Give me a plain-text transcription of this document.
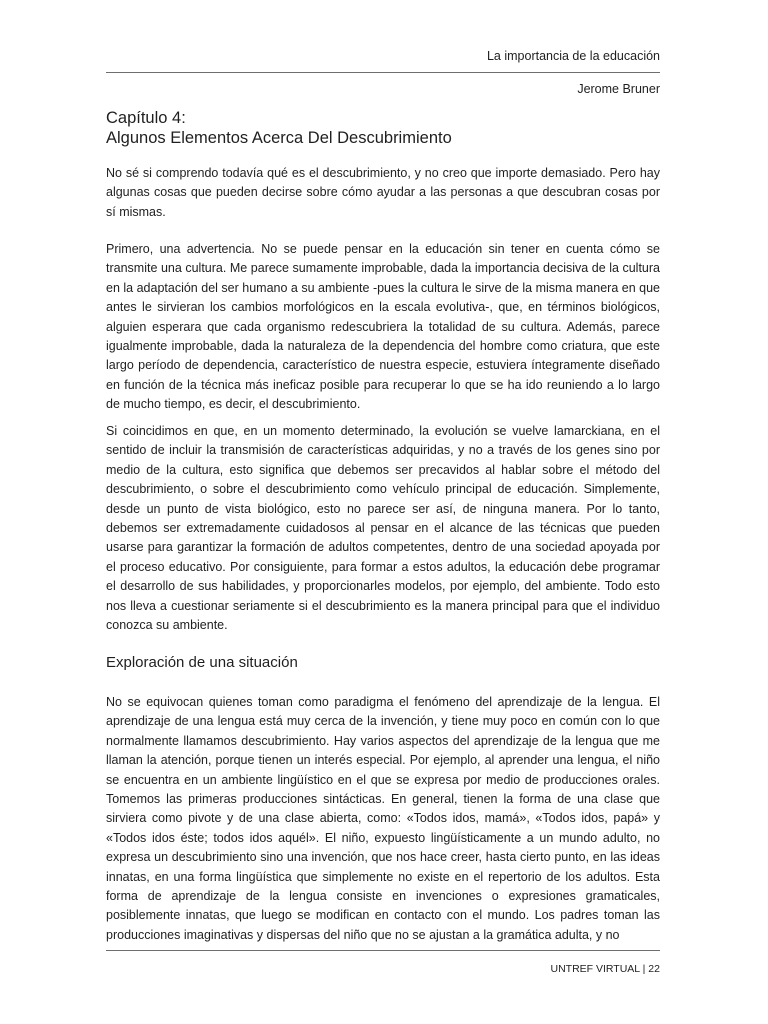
La importancia de la educación

Jerome Bruner
Capítulo 4:
Algunos Elementos Acerca Del Descubrimiento

No sé si comprendo todavía qué es el descubrimiento, y no creo que importe demasiado. Pero hay algunas cosas que pueden decirse sobre cómo ayudar a las personas a que descubran cosas por sí mismas.

Primero, una advertencia. No se puede pensar en la educación sin tener en cuenta cómo se transmite una cultura. Me parece sumamente improbable, dada la importancia decisiva de la cultura en la adaptación del ser humano a su ambiente -pues la cultura le sirve de la misma manera en que antes le sirvieran los cambios morfológicos en la escala evolutiva-, que, en términos biológicos, alguien esperara que cada organismo redescubriera la totalidad de su cultura. Además, parece igualmente improbable, dada la naturaleza de la dependencia del hombre como criatura, que este largo período de dependencia, característico de nuestra especie, estuviera íntegramente diseñado en función de la técnica más ineficaz posible para recuperar lo que se ha ido reuniendo a lo largo de mucho tiempo, es decir, el descubrimiento.

Si coincidimos en que, en un momento determinado, la evolución se vuelve lamarckiana, en el sentido de incluir la transmisión de características adquiridas, y no a través de los genes sino por medio de la cultura, esto significa que debemos ser precavidos al hablar sobre el método del descubrimiento, o sobre el descubrimiento como vehículo principal de educación. Simplemente, desde un punto de vista biológico, esto no parece ser así, de ninguna manera. Por lo tanto, debemos ser extremadamente cuidadosos al pensar en el alcance de las técnicas que pueden usarse para garantizar la formación de adultos competentes, dentro de una sociedad apoyada por el proceso educativo. Por consiguiente, para formar a estos adultos, la educación debe programar el desarrollo de sus habilidades, y proporcionarles modelos, por ejemplo, del ambiente. Todo esto nos lleva a cuestionar seriamente si el descubrimiento es la manera principal para que el individuo conozca su ambiente.

Exploración de una situación

No se equivocan quienes toman como paradigma el fenómeno del aprendizaje de la lengua. El aprendizaje de una lengua está muy cerca de la invención, y tiene muy poco en común con lo que normalmente llamamos descubrimiento. Hay varios aspectos del aprendizaje de la lengua que me llaman la atención, porque tienen un interés especial. Por ejemplo, al aprender una lengua, el niño se encuentra en un ambiente lingüístico en el que se expresa por medio de producciones orales. Tomemos las primeras producciones sintácticas. En general, tienen la forma de una clase que sirviera como pivote y de una clase abierta, como: «Todos idos, mamá», «Todos idos, papá» y «Todos idos éste; todos idos aquél». El niño, expuesto lingüísticamente a un mundo adulto, no expresa un descubrimiento sino una invención, que nos hace creer, hasta cierto punto, en las ideas innatas, en una forma lingüística que simplemente no existe en el repertorio de los adultos. Esta forma de aprendizaje de la lengua consiste en invenciones o expresiones gramaticales, posiblemente innatas, que luego se modifican en contacto con el mundo. Los padres toman las producciones imaginativas y dispersas del niño que no se ajustan a la gramática adulta, y no

UNTREF VIRTUAL | 22
